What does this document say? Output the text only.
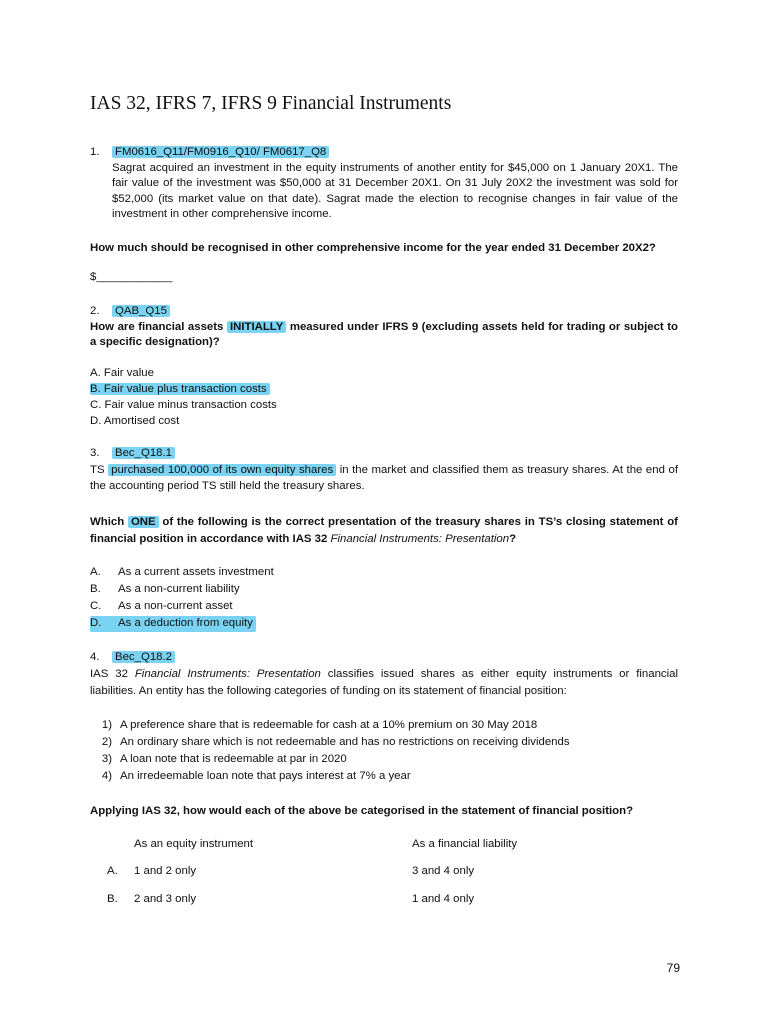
IAS 32, IFRS 7, IFRS 9 Financial Instruments
1. FM0616_Q11/FM0916_Q10/ FM0617_Q8
Sagrat acquired an investment in the equity instruments of another entity for $45,000 on 1 January 20X1. The fair value of the investment was $50,000 at 31 December 20X1. On 31 July 20X2 the investment was sold for $52,000 (its market value on that date). Sagrat made the election to recognise changes in fair value of the investment in other comprehensive income.
How much should be recognised in other comprehensive income for the year ended 31 December 20X2?
$____________
2. QAB_Q15
How are financial assets INITIALLY measured under IFRS 9 (excluding assets held for trading or subject to a specific designation)?
A. Fair value
B. Fair value plus transaction costs
C. Fair value minus transaction costs
D. Amortised cost
3. Bec_Q18.1
TS purchased 100,000 of its own equity shares in the market and classified them as treasury shares. At the end of the accounting period TS still held the treasury shares.
Which ONE of the following is the correct presentation of the treasury shares in TS’s closing statement of financial position in accordance with IAS 32 Financial Instruments: Presentation?
A. As a current assets investment
B. As a non-current liability
C. As a non-current asset
D. As a deduction from equity
4. Bec_Q18.2
IAS 32 Financial Instruments: Presentation classifies issued shares as either equity instruments or financial liabilities. An entity has the following categories of funding on its statement of financial position:
1) A preference share that is redeemable for cash at a 10% premium on 30 May 2018
2) An ordinary share which is not redeemable and has no restrictions on receiving dividends
3) A loan note that is redeemable at par in 2020
4) An irredeemable loan note that pays interest at 7% a year
Applying IAS 32, how would each of the above be categorised in the statement of financial position?
As an equity instrument	As a financial liability
A. 1 and 2 only	3 and 4 only
B. 2 and 3 only	1 and 4 only
79
